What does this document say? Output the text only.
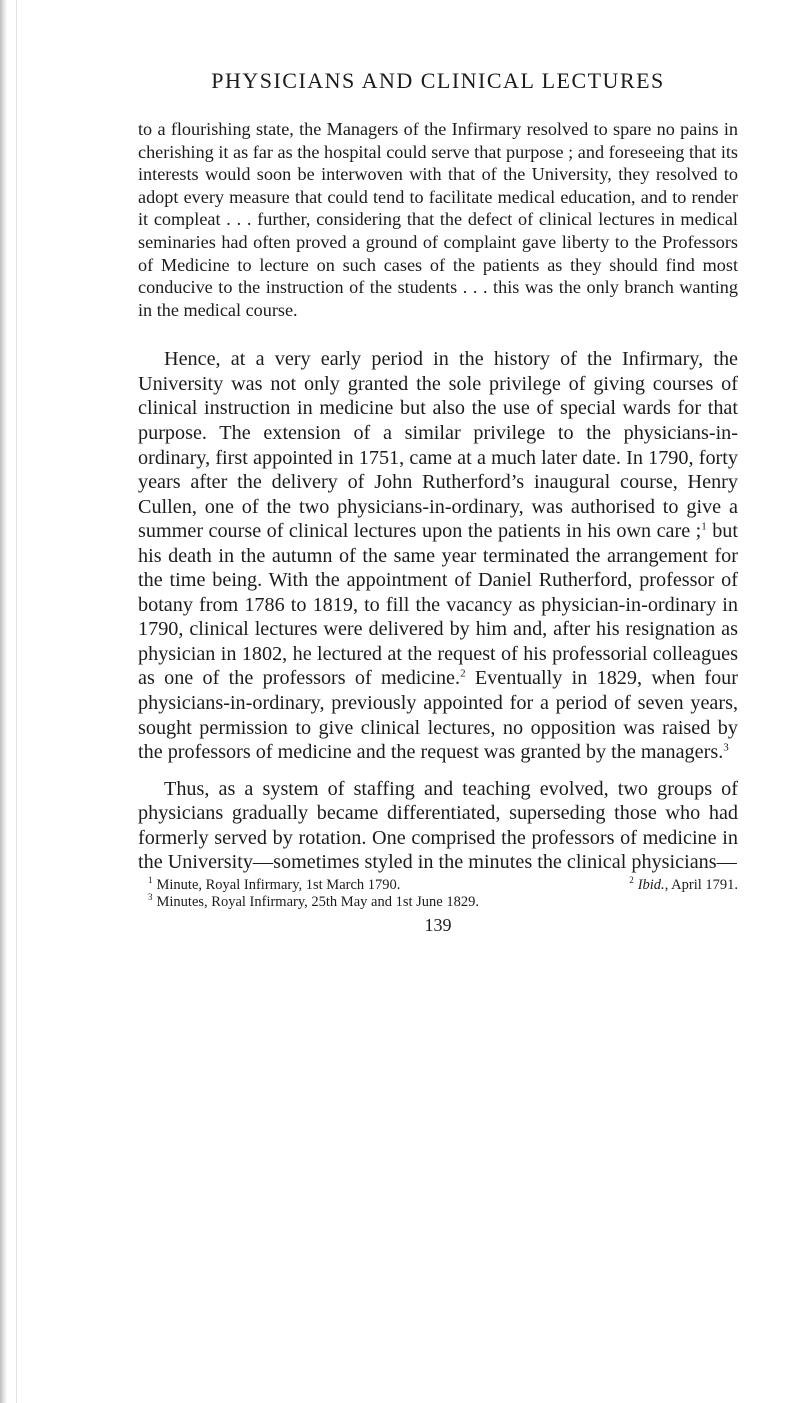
PHYSICIANS AND CLINICAL LECTURES

to a flourishing state, the Managers of the Infirmary resolved to spare no pains in cherishing it as far as the hospital could serve that purpose ; and foreseeing that its interests would soon be interwoven with that of the University, they resolved to adopt every measure that could tend to facilitate medical education, and to render it compleat . . . further, considering that the defect of clinical lectures in medical seminaries had often proved a ground of complaint gave liberty to the Professors of Medicine to lecture on such cases of the patients as they should find most conducive to the instruction of the students . . . this was the only branch wanting in the medical course.

Hence, at a very early period in the history of the Infirmary, the University was not only granted the sole privilege of giving courses of clinical instruction in medicine but also the use of special wards for that purpose. The extension of a similar privilege to the physicians-in-ordinary, first appointed in 1751, came at a much later date. In 1790, forty years after the delivery of John Rutherford’s inaugural course, Henry Cullen, one of the two physicians-in-ordinary, was authorised to give a summer course of clinical lectures upon the patients in his own care ;$^1$ but his death in the autumn of the same year terminated the arrangement for the time being. With the appointment of Daniel Rutherford, professor of botany from 1786 to 1819, to fill the vacancy as physician-in-ordinary in 1790, clinical lectures were delivered by him and, after his resignation as physician in 1802, he lectured at the request of his professorial colleagues as one of the professors of medicine.$^2$ Eventually in 1829, when four physicians-in-ordinary, previously appointed for a period of seven years, sought permission to give clinical lectures, no opposition was raised by the professors of medicine and the request was granted by the managers.$^3$

Thus, as a system of staffing and teaching evolved, two groups of physicians gradually became differentiated, superseding those who had formerly served by rotation. One comprised the professors of medicine in the University—sometimes styled in the minutes the clinical physicians—

$^1$ Minute, Royal Infirmary, 1st March 1790.	$^2$ Ibid., April 1791.
$^3$ Minutes, Royal Infirmary, 25th May and 1st June 1829.
139
